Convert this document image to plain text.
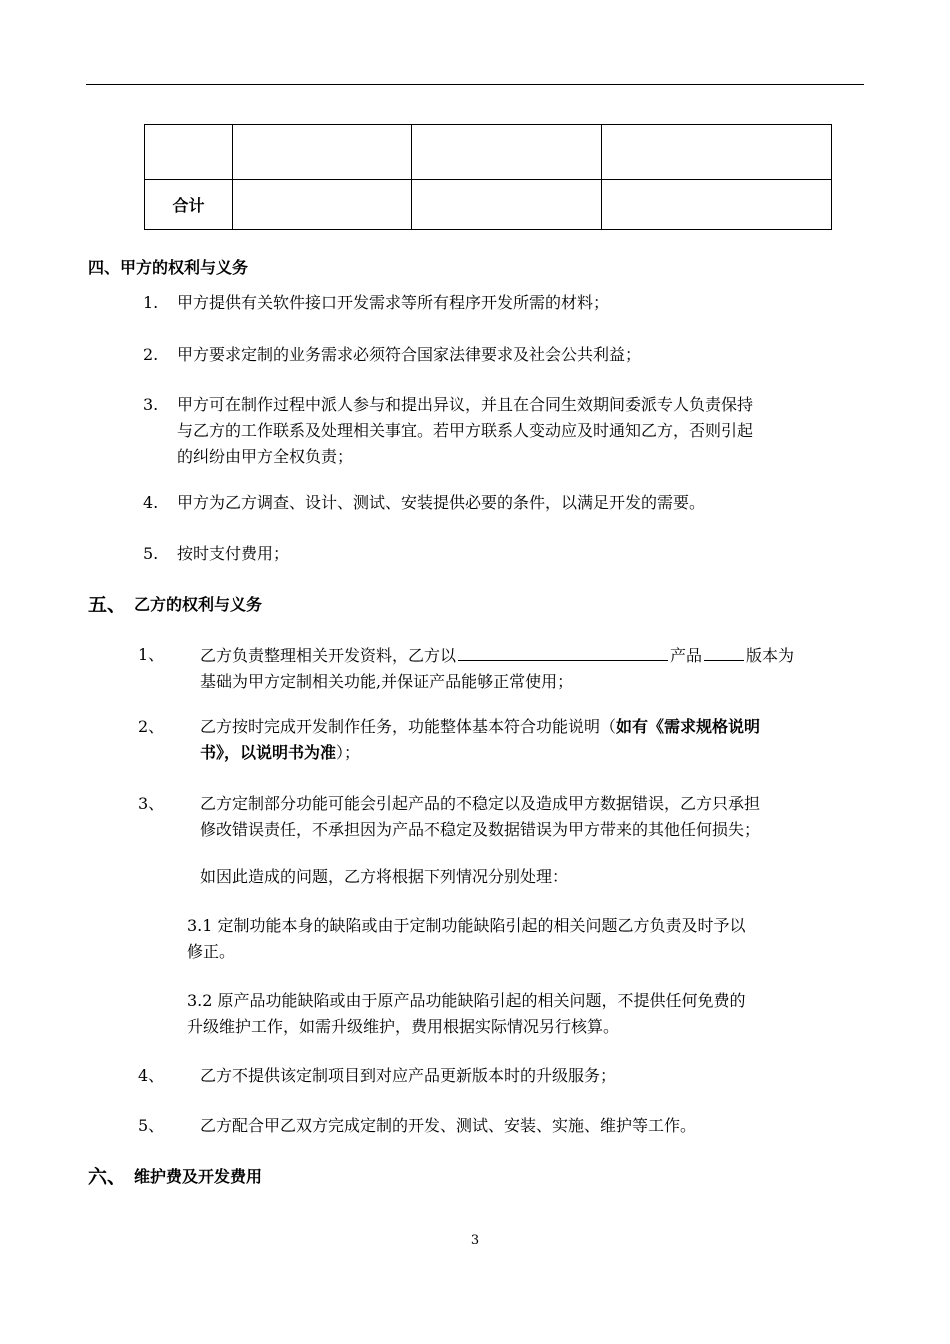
合计			
四、甲方的权利与义务
1. 甲方提供有关软件接口开发需求等所有程序开发所需的材料；
2. 甲方要求定制的业务需求必须符合国家法律要求及社会公共利益；
3. 甲方可在制作过程中派人参与和提出异议，并且在合同生效期间委派专人负责保持
与乙方的工作联系及处理相关事宜。若甲方联系人变动应及时通知乙方，否则引起
的纠纷由甲方全权负责；
4. 甲方为乙方调查、设计、测试、安装提供必要的条件，以满足开发的需要。
5. 按时支付费用；
五、 乙方的权利与义务
1、 乙方负责整理相关开发资料，乙方以	产品	版本为
基础为甲方定制相关功能,并保证产品能够正常使用；
2、 乙方按时完成开发制作任务，功能整体基本符合功能说明（如有《需求规格说明
书》，以说明书为准）；
3、 乙方定制部分功能可能会引起产品的不稳定以及造成甲方数据错误，乙方只承担
修改错误责任，不承担因为产品不稳定及数据错误为甲方带来的其他任何损失；
如因此造成的问题，乙方将根据下列情况分别处理：
3.1 定制功能本身的缺陷或由于定制功能缺陷引起的相关问题乙方负责及时予以
修正。
3.2 原产品功能缺陷或由于原产品功能缺陷引起的相关问题，不提供任何免费的
升级维护工作，如需升级维护，费用根据实际情况另行核算。
4、 乙方不提供该定制项目到对应产品更新版本时的升级服务；
5、 乙方配合甲乙双方完成定制的开发、测试、安装、实施、维护等工作。
六、 维护费及开发费用
3
